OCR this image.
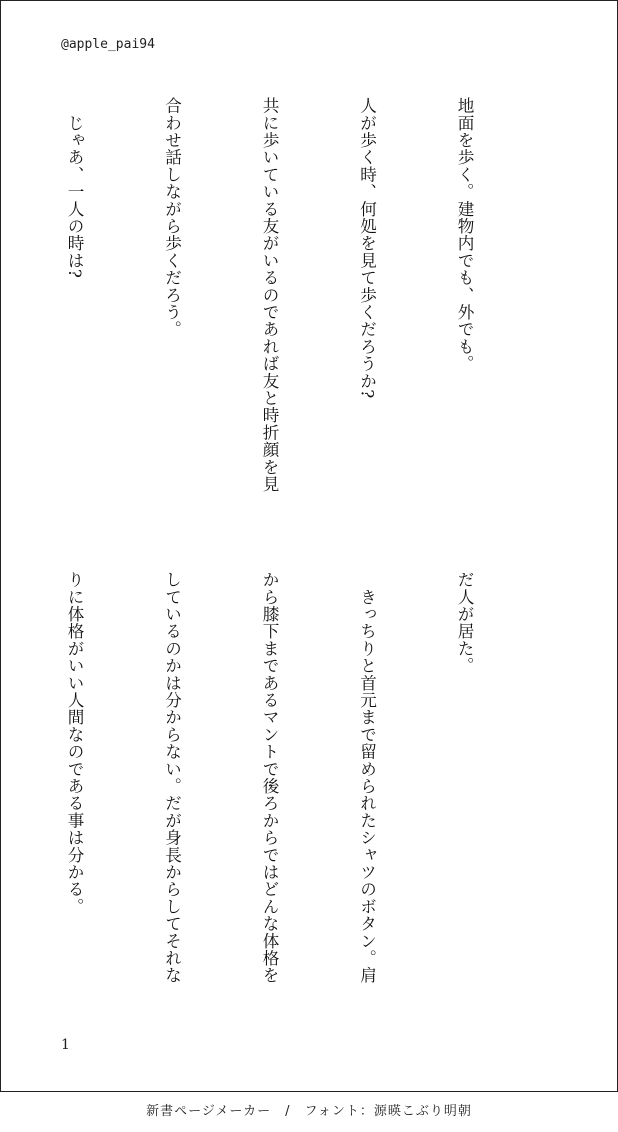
@apple_pai94

地面を歩く。建物内でも、外でも。

人が歩く時、何処を見て歩くだろうか?

共に歩いている友がいるのであれば友と時折顔を見

合わせ話しながら歩くだろう。

　じゃあ、一人の時は?

だ人が居た。

　きっちりと首元まで留められたシャツのボタン。肩

から膝下まであるマントで後ろからではどんな体格を

しているのかは分からない。だが身長からしてそれな

りに体格がいい人間なのである事は分かる。

1
新書ページメーカー　/　フォント：源暎こぶり明朝
